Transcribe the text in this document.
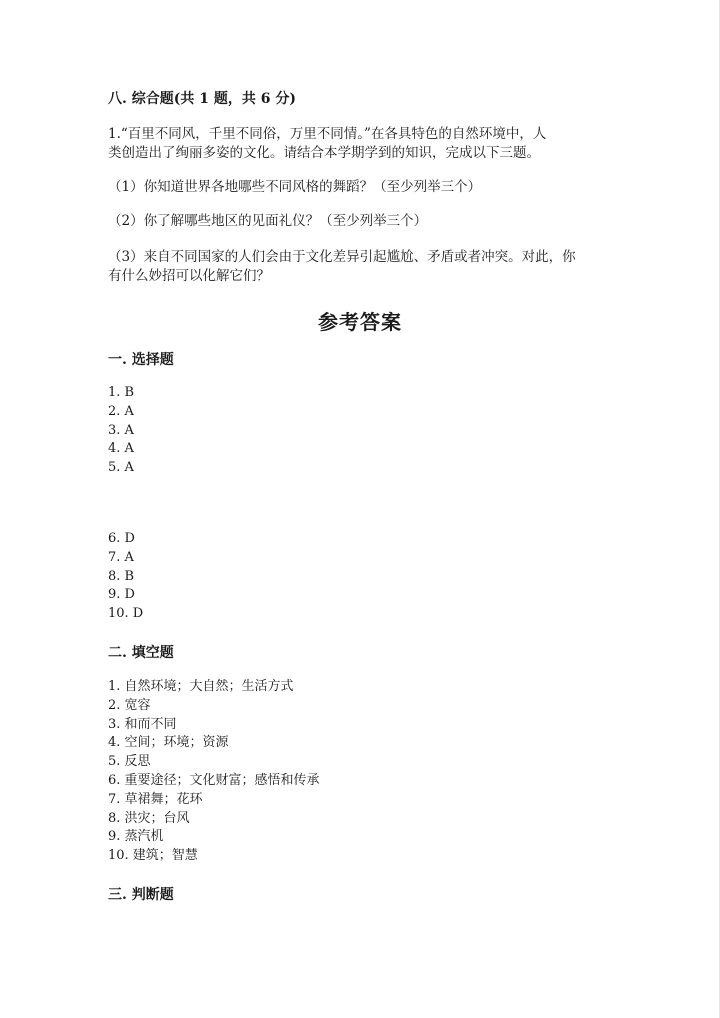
八. 综合题(共 1 题，共 6 分)
1.“百里不同风，千里不同俗，万里不同情。”在各具特色的自然环境中，人
类创造出了绚丽多姿的文化。请结合本学期学到的知识，完成以下三题。
（1）你知道世界各地哪些不同风格的舞蹈？（至少列举三个）
（2）你了解哪些地区的见面礼仪？（至少列举三个）
（3）来自不同国家的人们会由于文化差异引起尴尬、矛盾或者冲突。对此，你
有什么妙招可以化解它们？
参考答案
一. 选择题
1. B
2. A
3. A
4. A
5. A
6. D
7. A
8. B
9. D
10. D
二. 填空题
1. 自然环境；大自然；生活方式
2. 宽容
3. 和而不同
4. 空间；环境；资源
5. 反思
6. 重要途径；文化财富；感悟和传承
7. 草裙舞；花环
8. 洪灾；台风
9. 蒸汽机
10. 建筑；智慧
三. 判断题
